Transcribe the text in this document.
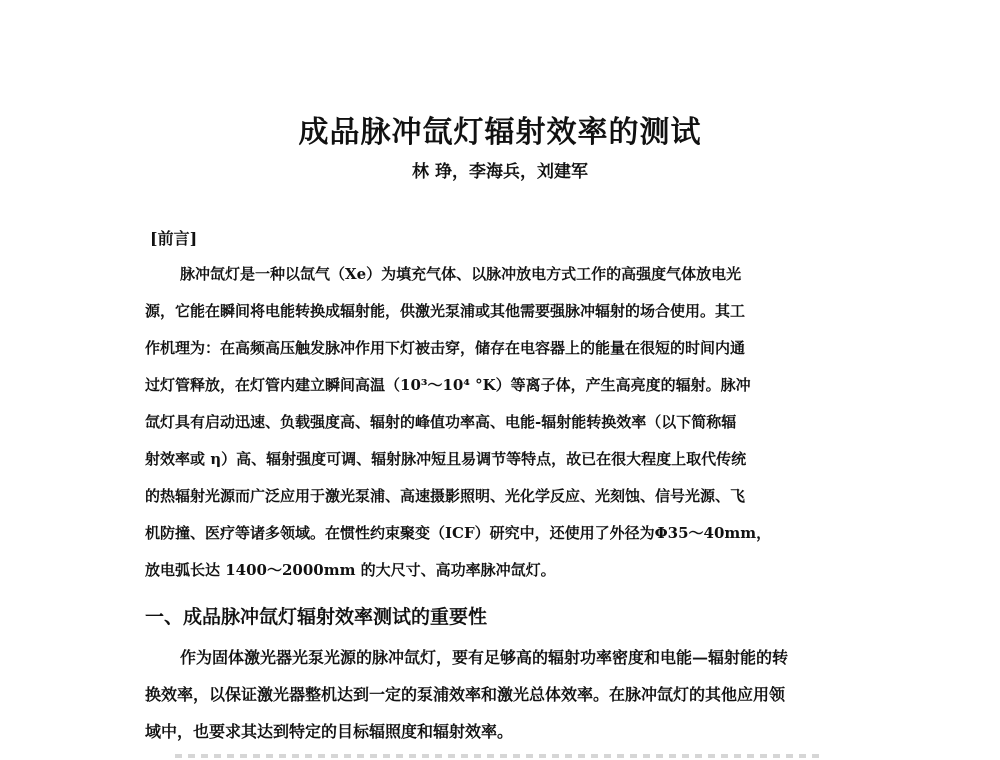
成品脉冲氙灯辐射效率的测试
林 琤，李海兵，刘建军
[前言]
脉冲氙灯是一种以氙气（Xe）为填充气体、以脉冲放电方式工作的高强度气体放电光
源，它能在瞬间将电能转换成辐射能，供激光泵浦或其他需要强脉冲辐射的场合使用。其工
作机理为：在高频高压触发脉冲作用下灯被击穿，储存在电容器上的能量在很短的时间内通
过灯管释放，在灯管内建立瞬间高温（10³～10⁴ °K）等离子体，产生高亮度的辐射。脉冲
氙灯具有启动迅速、负载强度高、辐射的峰值功率高、电能-辐射能转换效率（以下简称辐
射效率或 η）高、辐射强度可调、辐射脉冲短且易调节等特点，故已在很大程度上取代传统
的热辐射光源而广泛应用于激光泵浦、高速摄影照明、光化学反应、光刻蚀、信号光源、飞
机防撞、医疗等诸多领域。在惯性约束聚变（ICF）研究中，还使用了外径为Φ35～40mm，
放电弧长达 1400～2000mm 的大尺寸、高功率脉冲氙灯。
一、成品脉冲氙灯辐射效率测试的重要性
作为固体激光器光泵光源的脉冲氙灯，要有足够高的辐射功率密度和电能—辐射能的转
换效率，以保证激光器整机达到一定的泵浦效率和激光总体效率。在脉冲氙灯的其他应用领
域中，也要求其达到特定的目标辐照度和辐射效率。
